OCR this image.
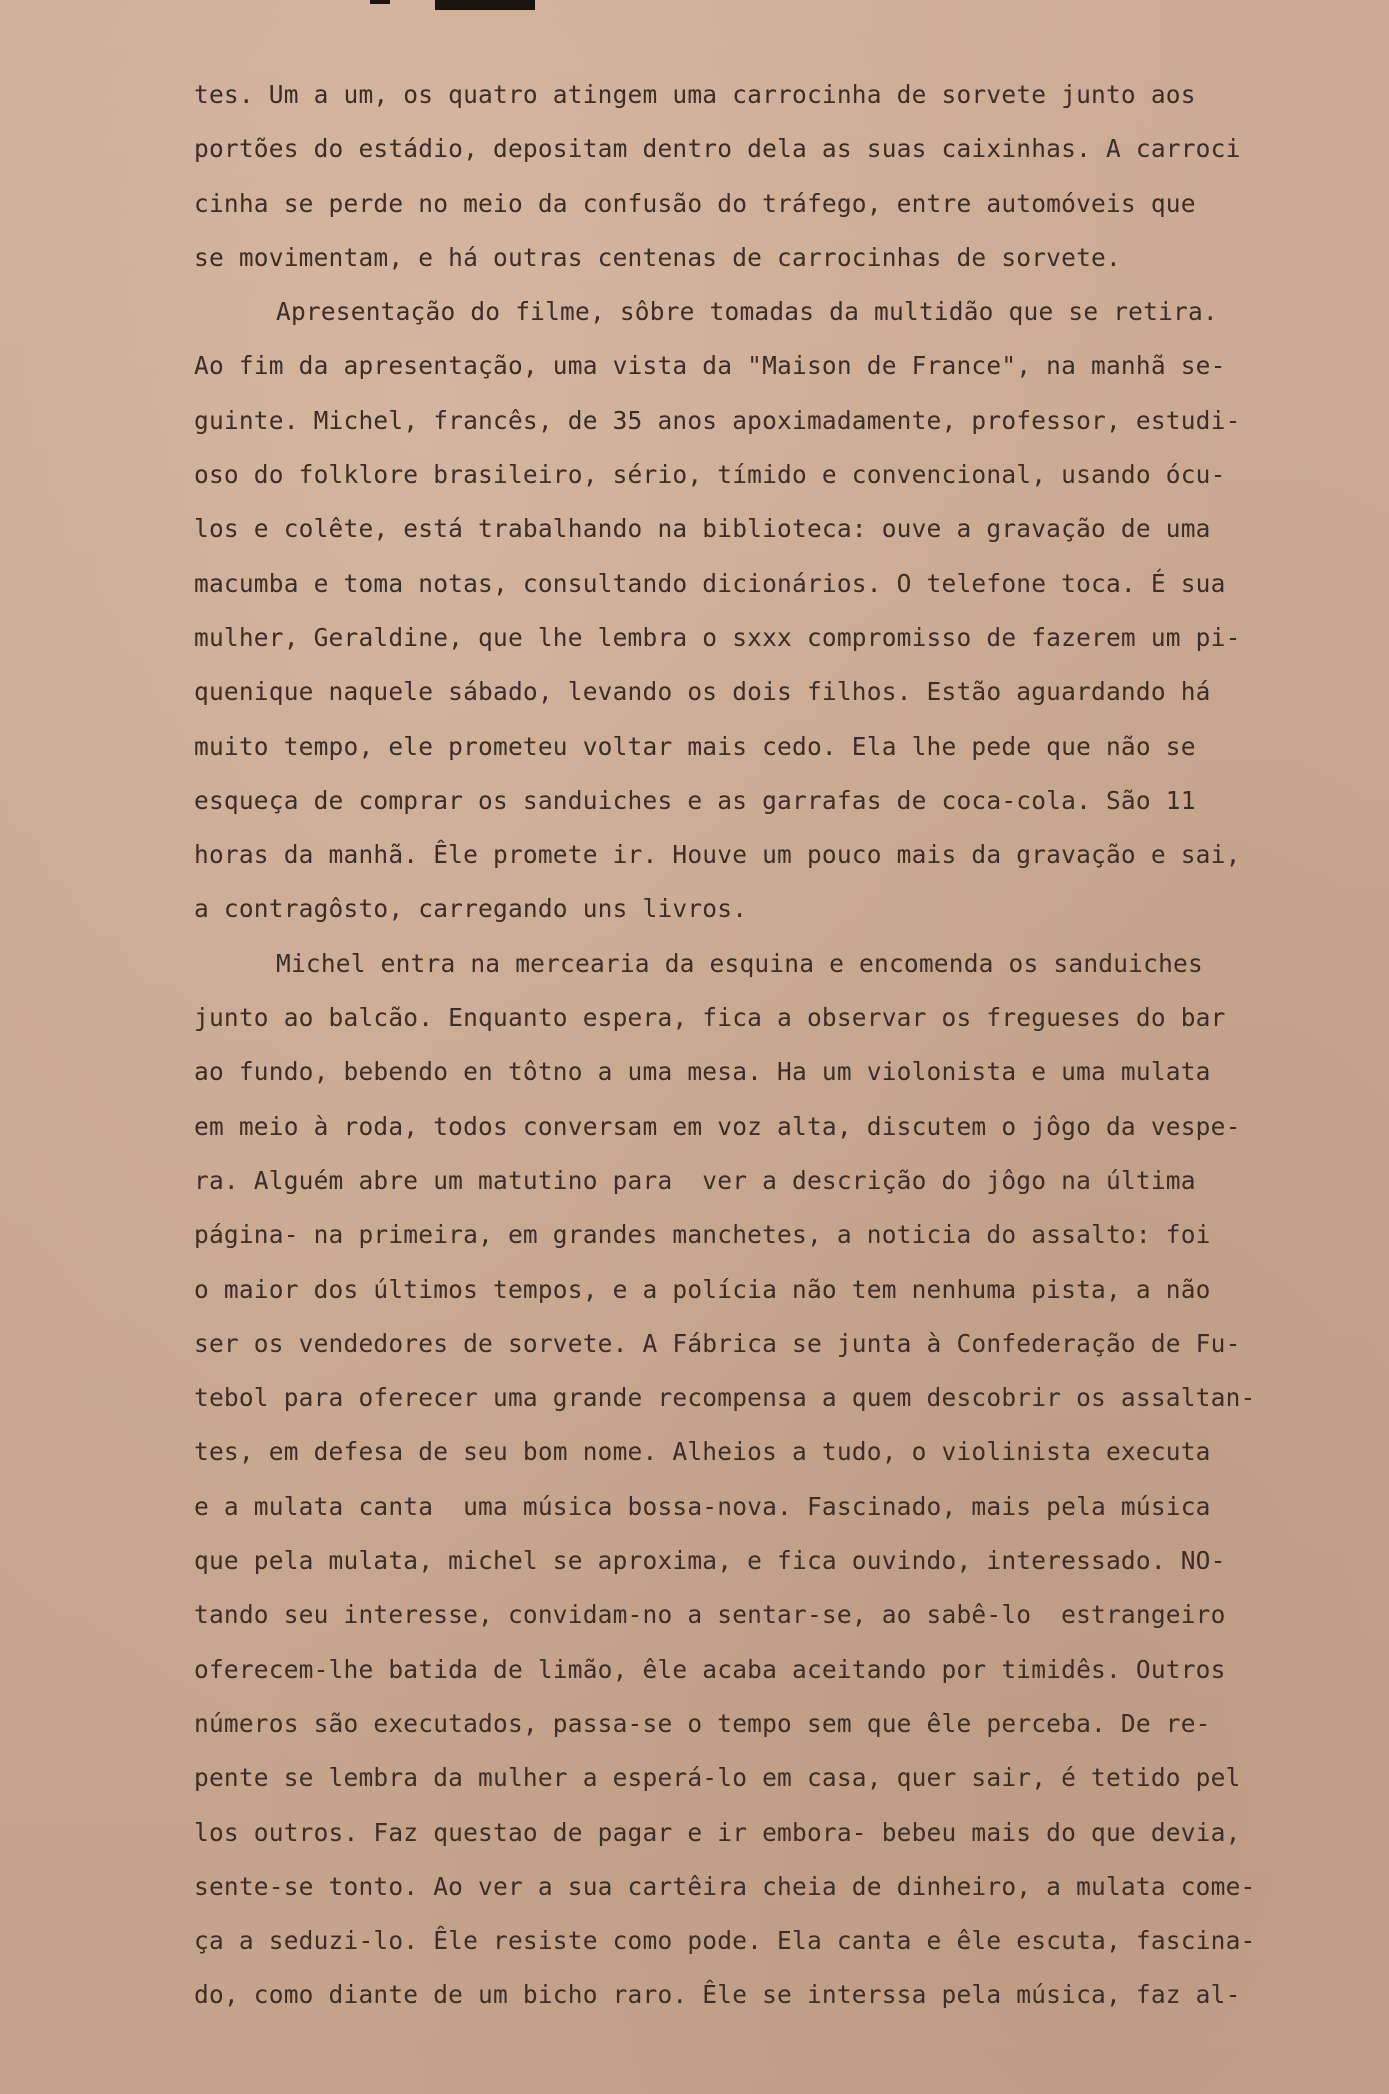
tes. Um a um, os quatro atingem uma carrocinha de sorvete junto aos
portões do estádio, depositam dentro dela as suas caixinhas. A carroci
cinha se perde no meio da confusão do tráfego, entre automóveis que
se movimentam, e há outras centenas de carrocinhas de sorvete.
Apresentação do filme, sôbre tomadas da multidão que se retira.
Ao fim da apresentação, uma vista da "Maison de France", na manhã se-
guinte. Michel, francês, de 35 anos apoximadamente, professor, estudi-
oso do folklore brasileiro, sério, tímido e convencional, usando ócu-
los e colête, está trabalhando na biblioteca: ouve a gravação de uma
macumba e toma notas, consultando dicionários. O telefone toca. É sua
mulher, Geraldine, que lhe lembra o sxxx compromisso de fazerem um pi-
quenique naquele sábado, levando os dois filhos. Estão aguardando há
muito tempo, ele prometeu voltar mais cedo. Ela lhe pede que não se
esqueça de comprar os sanduiches e as garrafas de coca-cola. São 11
horas da manhã. Êle promete ir. Houve um pouco mais da gravação e sai,
a contragôsto, carregando uns livros.
Michel entra na mercearia da esquina e encomenda os sanduiches
junto ao balcão. Enquanto espera, fica a observar os fregueses do bar
ao fundo, bebendo en tôtno a uma mesa. Ha um violonista e uma mulata
em meio à roda, todos conversam em voz alta, discutem o jôgo da vespe-
ra. Alguém abre um matutino para  ver a descrição do jôgo na última
página- na primeira, em grandes manchetes, a noticia do assalto: foi
o maior dos últimos tempos, e a polícia não tem nenhuma pista, a não
ser os vendedores de sorvete. A Fábrica se junta à Confederação de Fu-
tebol para oferecer uma grande recompensa a quem descobrir os assaltan-
tes, em defesa de seu bom nome. Alheios a tudo, o violinista executa
e a mulata canta  uma música bossa-nova. Fascinado, mais pela música
que pela mulata, michel se aproxima, e fica ouvindo, interessado. NO-
tando seu interesse, convidam-no a sentar-se, ao sabê-lo  estrangeiro
oferecem-lhe batida de limão, êle acaba aceitando por timidês. Outros
números são executados, passa-se o tempo sem que êle perceba. De re-
pente se lembra da mulher a esperá-lo em casa, quer sair, é tetido pel
los outros. Faz questao de pagar e ir embora- bebeu mais do que devia,
sente-se tonto. Ao ver a sua cartêira cheia de dinheiro, a mulata come-
ça a seduzi-lo. Êle resiste como pode. Ela canta e êle escuta, fascina-
do, como diante de um bicho raro. Êle se interssa pela música, faz al-
